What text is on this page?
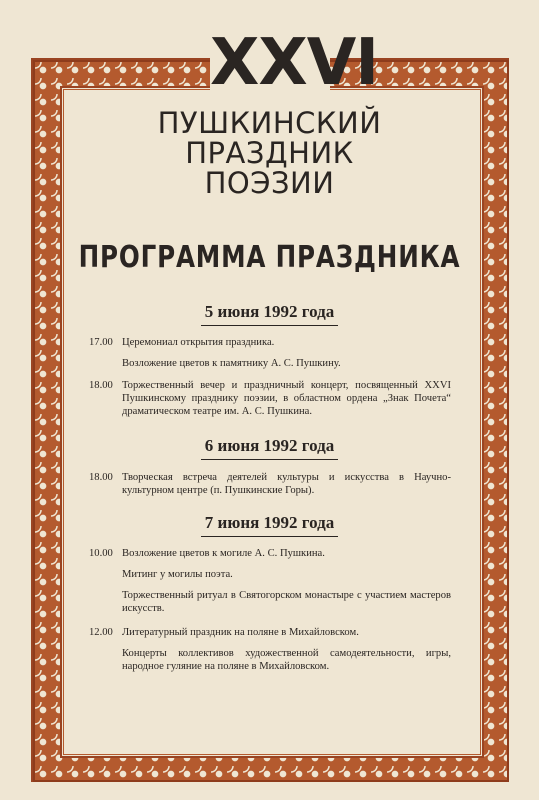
XXVI
ПУШКИНСКИЙ
ПРАЗДНИК
ПОЭЗИИ
ПРОГРАММА ПРАЗДНИКА
5 июня 1992 года
17.00 Церемониал открытия праздника.
Возложение цветов к памятнику А. С. Пушкину.
18.00 Торжественный вечер и праздничный концерт, посвященный XXVI Пушкинскому празднику поэзии, в областном ордена „Знак Почета“ драматическом театре им. А. С. Пушкина.
6 июня 1992 года
18.00 Творческая встреча деятелей культуры и искусства в Научно-культурном центре (п. Пушкинские Горы).
7 июня 1992 года
10.00 Возложение цветов к могиле А. С. Пушкина.
Митинг у могилы поэта.
Торжественный ритуал в Святогорском монастыре с участием мастеров искусств.
12.00 Литературный праздник на поляне в Михайловском.
Концерты коллективов художественной самодеятельности, игры, народное гуляние на поляне в Михайловском.
